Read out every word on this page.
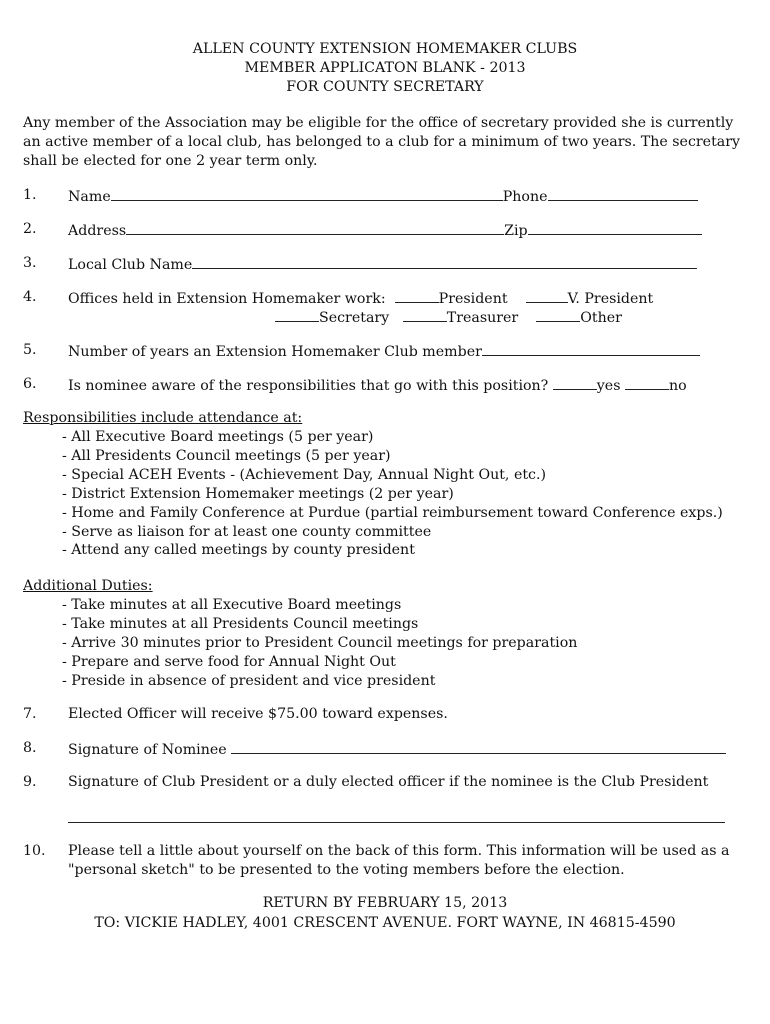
ALLEN COUNTY EXTENSION HOMEMAKER CLUBS
MEMBER APPLICATON BLANK - 2013
FOR COUNTY SECRETARY
Any member of the Association may be eligible for the office of secretary provided she is currently an active member of a local club, has belonged to a club for a minimum of two years. The secretary shall be elected for one 2 year term only.
1. Name	Phone
2. Address	Zip
3. Local Club Name
4. Offices held in Extension Homemaker work:	President	V. President
Secretary	Treasurer	Other
5. Number of years an Extension Homemaker Club member
6. Is nominee aware of the responsibilities that go with this position?	yes	no
Responsibilities include attendance at:
- All Executive Board meetings (5 per year)
- All Presidents Council meetings (5 per year)
- Special ACEH Events - (Achievement Day, Annual Night Out, etc.)
- District Extension Homemaker meetings (2 per year)
- Home and Family Conference at Purdue (partial reimbursement toward Conference exps.)
- Serve as liaison for at least one county committee
- Attend any called meetings by county president
Additional Duties:
- Take minutes at all Executive Board meetings
- Take minutes at all Presidents Council meetings
- Arrive 30 minutes prior to President Council meetings for preparation
- Prepare and serve food for Annual Night Out
- Preside in absence of president and vice president
7. Elected Officer will receive $75.00 toward expenses.
8. Signature of Nominee
9. Signature of Club President or a duly elected officer if the nominee is the Club President
10. Please tell a little about yourself on the back of this form. This information will be used as a
"personal sketch" to be presented to the voting members before the election.
RETURN BY FEBRUARY 15, 2013
TO: VICKIE HADLEY, 4001 CRESCENT AVENUE. FORT WAYNE, IN 46815-4590
